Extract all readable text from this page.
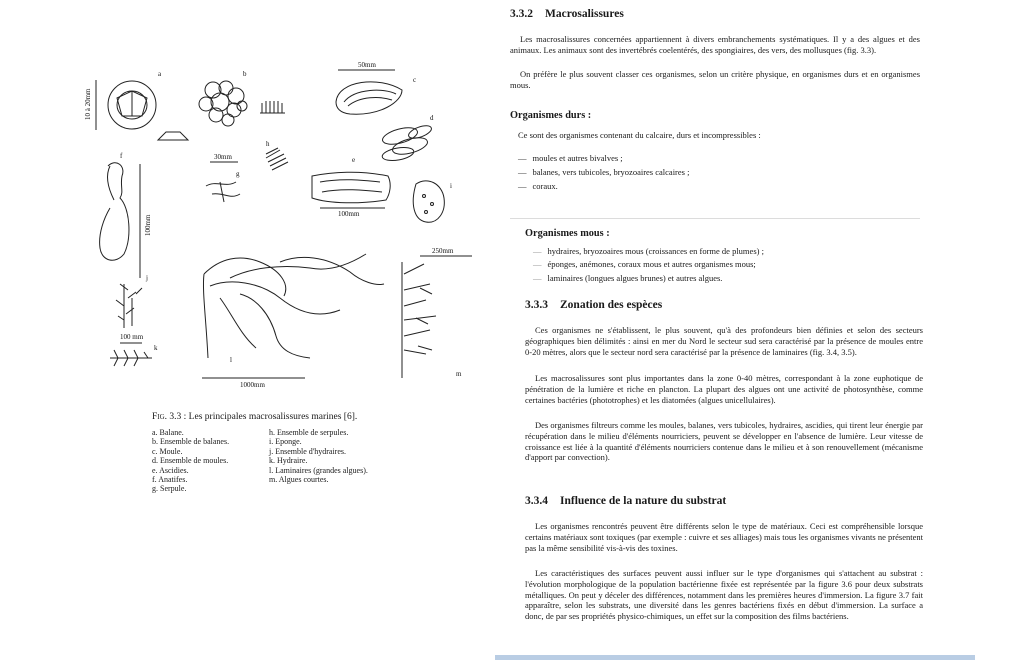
a	b
c
d
e
f
g
h
i
j
k
l
m
10 à 20mm
50mm
30mm
100mm
100mm
100 mm
1000mm
250mm
Fig. 3.3 : Les principales macrosalissures marines [6].
a. Balane.
b. Ensemble de balanes.
c. Moule.
d. Ensemble de moules.
e. Ascidies.
f. Anatifes.
g. Serpule.
h. Ensemble de serpules.
i. Eponge.
j. Ensemble d'hydraires.
k. Hydraire.
l. Laminaires (grandes algues).
m. Algues courtes.
3.3.2 Macrosalissures
Les macrosalissures concernées appartiennent à divers embranchements systématiques. Il y a des algues et des animaux. Les animaux sont des invertébrés coelentérés, des spongiaires, des vers, des mollusques (fig. 3.3).
On préfère le plus souvent classer ces organismes, selon un critère physique, en organismes durs et en organismes mous.
Organismes durs :
Ce sont des organismes contenant du calcaire, durs et incompressibles :
— moules et autres bivalves ;
— balanes, vers tubicoles, bryozoaires calcaires ;
— coraux.
Organismes mous :
— hydraires, bryozoaires mous (croissances en forme de plumes) ;
— éponges, anémones, coraux mous et autres organismes mous;
— laminaires (longues algues brunes) et autres algues.
3.3.3 Zonation des espèces
Ces organismes ne s'établissent, le plus souvent, qu'à des profondeurs bien définies et selon des secteurs géographiques bien délimités : ainsi en mer du Nord le secteur sud sera caractérisé par la présence de moules entre 0-20 mètres, alors que le secteur nord sera caractérisé par la présence de laminaires (fig. 3.4, 3.5).
Les macrosalissures sont plus importantes dans la zone 0-40 mètres, correspondant à la zone euphotique de pénétration de la lumière et riche en plancton. La plupart des algues ont une activité de photosynthèse, comme certaines bactéries (phototrophes) et les diatomées (algues unicellulaires).
Des organismes filtreurs comme les moules, balanes, vers tubicoles, hydraires, ascidies, qui tirent leur énergie par récupération dans le milieu d'éléments nourriciers, peuvent se développer en l'absence de lumière. Leur vitesse de croissance est liée à la quantité d'éléments nourriciers contenue dans le milieu et à son renouvellement (mécanisme d'apport par convection).
3.3.4 Influence de la nature du substrat
Les organismes rencontrés peuvent être différents selon le type de matériaux. Ceci est compréhensible lorsque certains matériaux sont toxiques (par exemple : cuivre et ses alliages) mais tous les organismes vivants ne présentent pas la même sensibilité vis-à-vis des toxines.
Les caractéristiques des surfaces peuvent aussi influer sur le type d'organismes qui s'attachent au substrat : l'évolution morphologique de la population bactérienne fixée est représentée par la figure 3.6 pour deux substrats métalliques. On peut y déceler des différences, notamment dans les premières heures d'immersion. La figure 3.7 fait apparaître, selon les substrats, une diversité dans les genres bactériens fixés en début d'immersion. La surface a donc, de par ses propriétés physico-chimiques, un effet sur la composition des films bactériens.
